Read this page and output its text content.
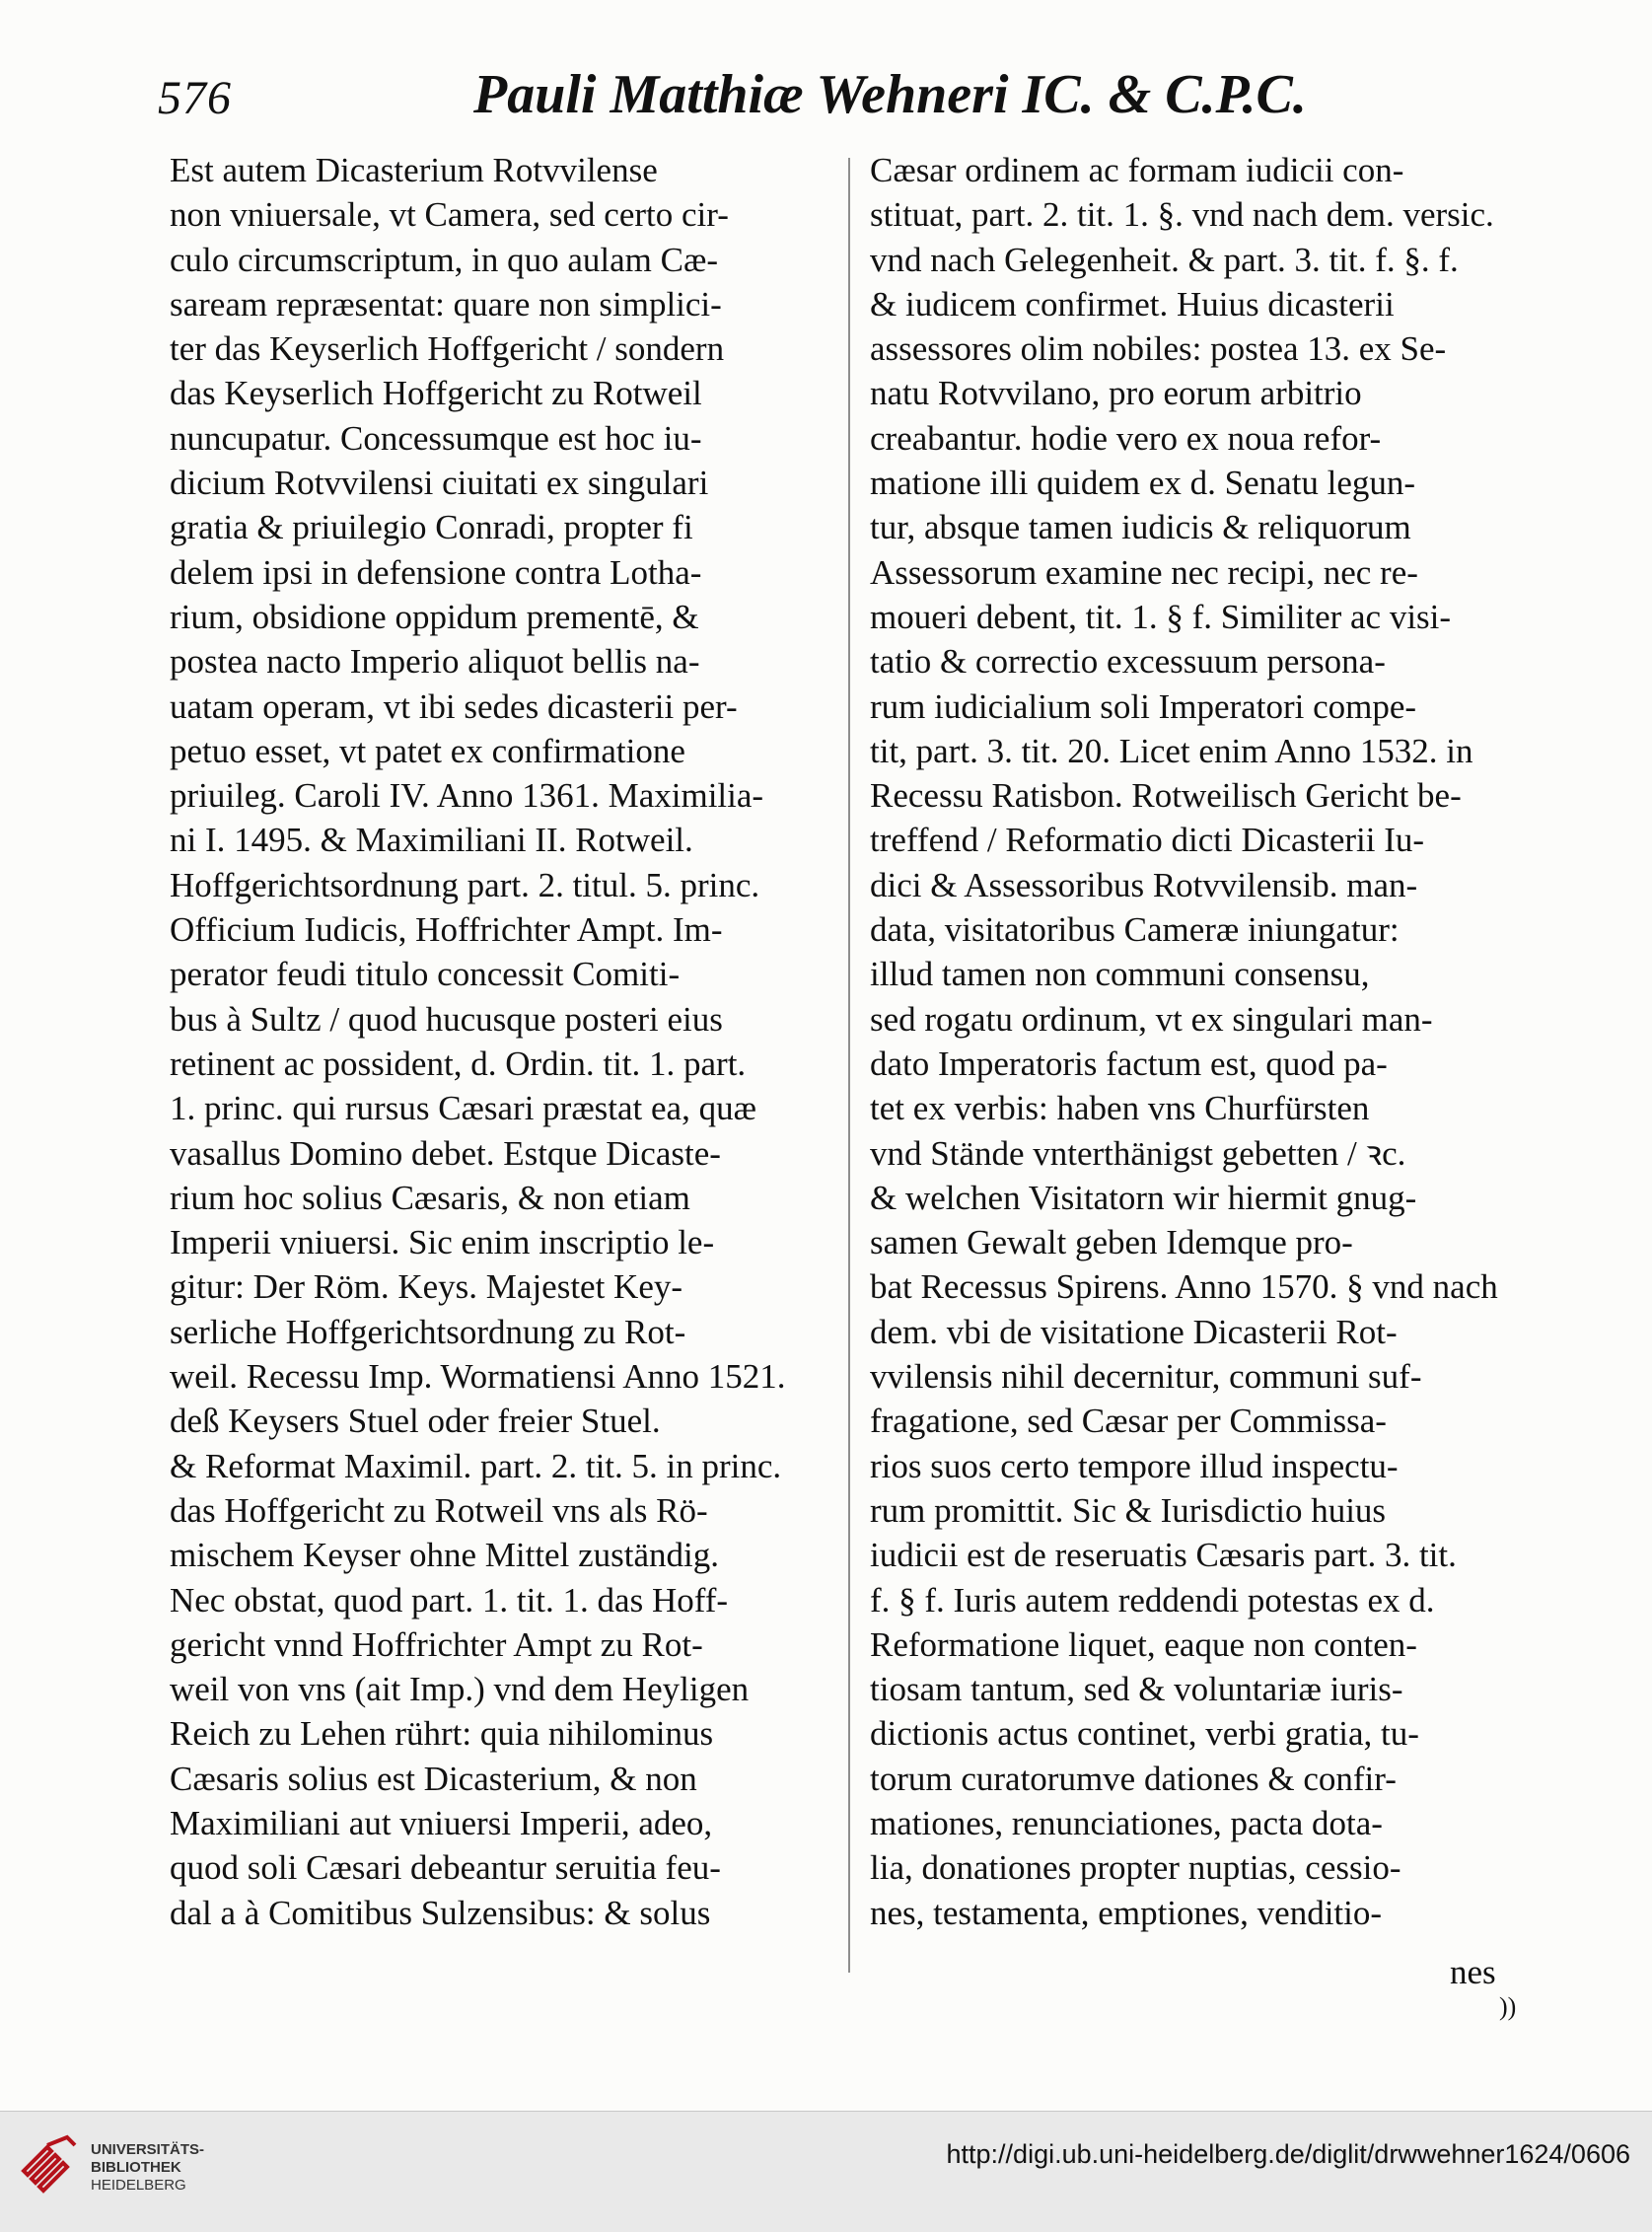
576	Pauli Matthiæ Wehneri IC. & C.P.C.
Est autem Dicasterium Rotvvilense
non vniuersale, vt Camera, sed certo cir-
culo circumscriptum, in quo aulam Cæ-
saream repræsentat: quare non simplici-
ter das Keyserlich Hoffgericht / sondern
das Keyserlich Hoffgericht zu Rotweil
nuncupatur. Concessumque est hoc iu-
dicium Rotvvilensi ciuitati ex singulari
gratia & priuilegio Conradi, propter fi
delem ipsi in defensione contra Lotha-
rium, obsidione oppidum prementē, &
postea nacto Imperio aliquot bellis na-
uatam operam, vt ibi sedes dicasterii per-
petuo esset, vt patet ex confirmatione
priuileg. Caroli IV. Anno 1361. Maximilia-
ni I. 1495. & Maximiliani II. Rotweil.
Hoffgerichtsordnung part. 2. titul. 5. princ.
Officium Iudicis, Hoffrichter Ampt. Im-
perator feudi titulo concessit Comiti-
bus à Sultz / quod hucusque posteri eius
retinent ac possident, d. Ordin. tit. 1. part.
1. princ. qui rursus Cæsari præstat ea, quæ
vasallus Domino debet. Estque Dicaste-
rium hoc solius Cæsaris, & non etiam
Imperii vniuersi. Sic enim inscriptio le-
gitur: Der Röm. Keys. Majestet Key-
serliche Hoffgerichtsordnung zu Rot-
weil. Recessu Imp. Wormatiensi Anno 1521.
deß Keysers Stuel oder freier Stuel.
& Reformat Maximil. part. 2. tit. 5. in princ.
das Hoffgericht zu Rotweil vns als Rö-
mischem Keyser ohne Mittel zuständig.
Nec obstat, quod part. 1. tit. 1. das Hoff-
gericht vnnd Hoffrichter Ampt zu Rot-
weil von vns (ait Imp.) vnd dem Heyligen
Reich zu Lehen rührt: quia nihilominus
Cæsaris solius est Dicasterium, & non
Maximiliani aut vniuersi Imperii, adeo,
quod soli Cæsari debeantur seruitia feu-
dal a à Comitibus Sulzensibus: & solus
Cæsar ordinem ac formam iudicii con-
stituat, part. 2. tit. 1. §. vnd nach dem. versic.
vnd nach Gelegenheit. & part. 3. tit. f. §. f.
& iudicem confirmet. Huius dicasterii
assessores olim nobiles: postea 13. ex Se-
natu Rotvvilano, pro eorum arbitrio
creabantur. hodie vero ex noua refor-
matione illi quidem ex d. Senatu legun-
tur, absque tamen iudicis & reliquorum
Assessorum examine nec recipi, nec re-
moueri debent, tit. 1. § f. Similiter ac visi-
tatio & correctio excessuum persona-
rum iudicialium soli Imperatori compe-
tit, part. 3. tit. 20. Licet enim Anno 1532. in
Recessu Ratisbon. Rotweilisch Gericht be-
treffend / Reformatio dicti Dicasterii Iu-
dici & Assessoribus Rotvvilensib. man-
data, visitatoribus Cameræ iniungatur:
illud tamen non communi consensu,
sed rogatu ordinum, vt ex singulari man-
dato Imperatoris factum est, quod pa-
tet ex verbis: haben vns Churfürsten
vnd Stände vnterthänigst gebetten / ꝛc.
& welchen Visitatorn wir hiermit gnug-
samen Gewalt geben Idemque pro-
bat Recessus Spirens. Anno 1570. § vnd nach
dem. vbi de visitatione Dicasterii Rot-
vvilensis nihil decernitur, communi suf-
fragatione, sed Cæsar per Commissa-
rios suos certo tempore illud inspectu-
rum promittit. Sic & Iurisdictio huius
iudicii est de reseruatis Cæsaris part. 3. tit.
f. § f. Iuris autem reddendi potestas ex d.
Reformatione liquet, eaque non conten-
tiosam tantum, sed & voluntariæ iuris-
dictionis actus continet, verbi gratia, tu-
torum curatorumve dationes & confir-
mationes, renunciationes, pacta dota-
lia, donationes propter nuptias, cessio-
nes, testamenta, emptiones, venditio-
nes
))
UNIVERSITÄTS-
BIBLIOTHEK
HEIDELBERG
http://digi.ub.uni-heidelberg.de/diglit/drwwehner1624/0606
